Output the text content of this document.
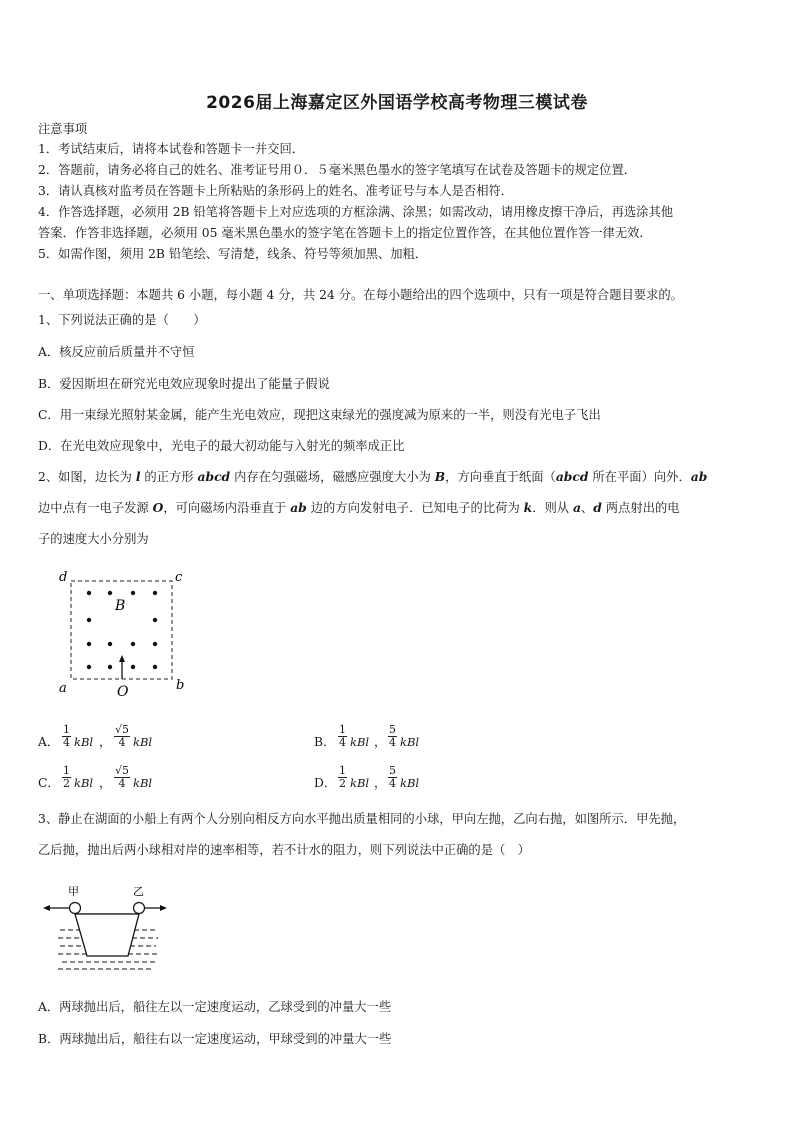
2026届上海嘉定区外国语学校高考物理三模试卷
注意事项
1．考试结束后，请将本试卷和答题卡一并交回．
2．答题前，请务必将自己的姓名、准考证号用０．５毫米黑色墨水的签字笔填写在试卷及答题卡的规定位置．
3．请认真核对监考员在答题卡上所粘贴的条形码上的姓名、准考证号与本人是否相符．
4．作答选择题，必须用 2B 铅笔将答题卡上对应选项的方框涂满、涂黑；如需改动，请用橡皮擦干净后，再选涂其他
答案．作答非选择题，必须用 05 毫米黑色墨水的签字笔在答题卡上的指定位置作答，在其他位置作答一律无效．
5．如需作图，须用 2B 铅笔绘、写清楚，线条、符号等须加黑、加粗．
一、单项选择题：本题共 6 小题，每小题 4 分，共 24 分。在每小题给出的四个选项中，只有一项是符合题目要求的。
1、下列说法正确的是（　　）
A．核反应前后质量并不守恒
B．爱因斯坦在研究光电效应现象时提出了能量子假说
C．用一束绿光照射某金属，能产生光电效应，现把这束绿光的强度减为原来的一半，则没有光电子飞出
D．在光电效应现象中，光电子的最大初动能与入射光的频率成正比
2、如图，边长为 l 的正方形 abcd 内存在匀强磁场，磁感应强度大小为 B，方向垂直于纸面（abcd 所在平面）向外．ab
边中点有一电子发源 O，可向磁场内沿垂直于 ab 边的方向发射电子．已知电子的比荷为 k．则从 a、d 两点射出的电
子的速度大小分别为
d	c
B
a	b
O
A． $\frac{1}{4}$ kBl ， $\frac{√5}{4}$ kBl	B． $\frac{1}{4}$ kBl ， $\frac{5}{4}$ kBl
C． $\frac{1}{2}$ kBl ， $\frac{√5}{4}$ kBl	D． $\frac{1}{2}$ kBl ， $\frac{5}{4}$ kBl
3、静止在湖面的小船上有两个人分别向相反方向水平抛出质量相同的小球，甲向左抛，乙向右抛，如图所示．甲先抛，
乙后抛，抛出后两小球相对岸的速率相等，若不计水的阻力，则下列说法中正确的是（　）
甲	乙
A．两球抛出后，船往左以一定速度运动，乙球受到的冲量大一些
B．两球抛出后，船往右以一定速度运动，甲球受到的冲量大一些
